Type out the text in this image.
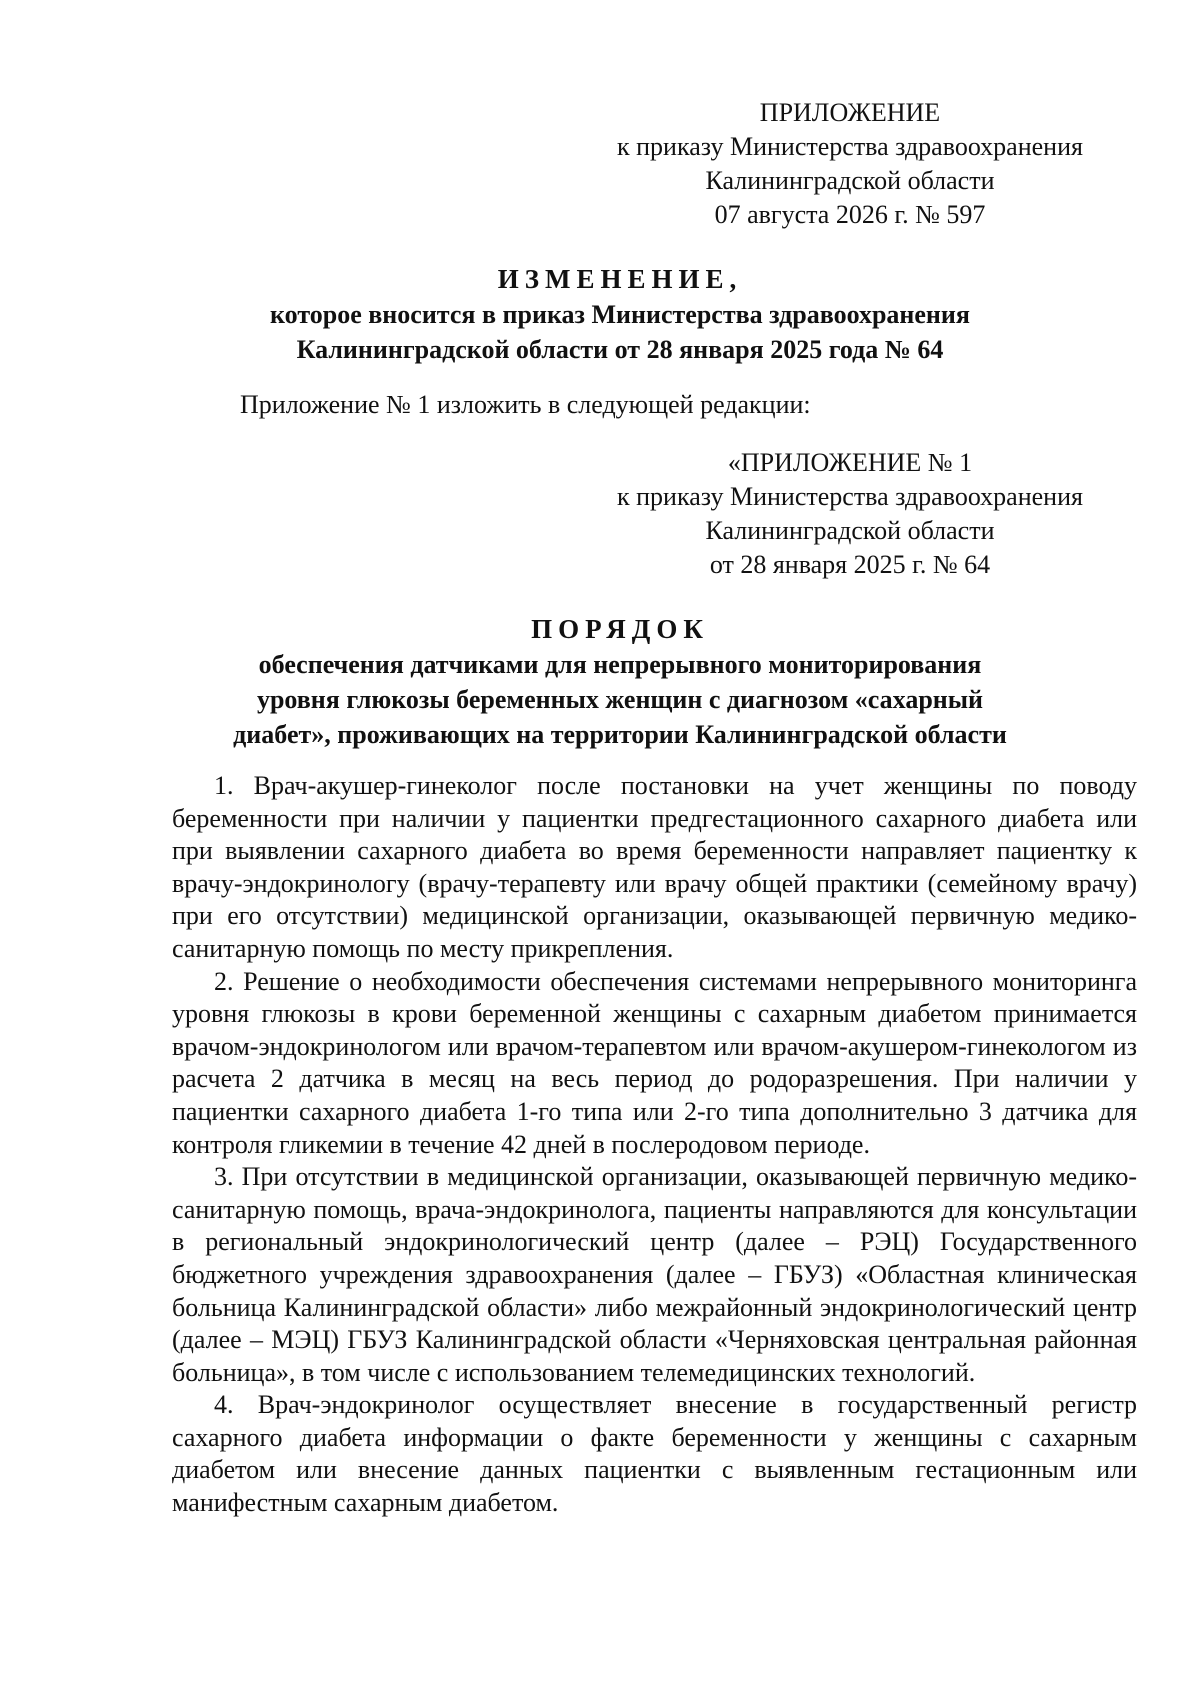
ПРИЛОЖЕНИЕ
к приказу Министерства здравоохранения
Калининградской области
07 августа 2026 г. № 597
ИЗМЕНЕНИЕ,
которое вносится в приказ Министерства здравоохранения
Калининградской области от 28 января 2025 года № 64
Приложение № 1 изложить в следующей редакции:
«ПРИЛОЖЕНИЕ № 1
к приказу Министерства здравоохранения
Калининградской области
от 28 января 2025 г. № 64
ПОРЯДОК
обеспечения датчиками для непрерывного мониторирования
уровня глюкозы беременных женщин с диагнозом «сахарный
диабет», проживающих на территории Калининградской области

1. Врач-акушер-гинеколог после постановки на учет женщины по поводу беременности при наличии у пациентки предгестационного сахарного диабета или при выявлении сахарного диабета во время беременности направляет пациентку к врачу-эндокринологу (врачу-терапевту или врачу общей практики (семейному врачу) при его отсутствии) медицинской организации, оказывающей первичную медико-санитарную помощь по месту прикрепления.

2. Решение о необходимости обеспечения системами непрерывного мониторинга уровня глюкозы в крови беременной женщины с сахарным диабетом принимается врачом-эндокринологом или врачом-терапевтом или врачом-акушером-гинекологом из расчета 2 датчика в месяц на весь период до родоразрешения. При наличии у пациентки сахарного диабета 1-го типа или 2-го типа дополнительно 3 датчика для контроля гликемии в течение 42 дней в послеродовом периоде.

3. При отсутствии в медицинской организации, оказывающей первичную медико-санитарную помощь, врача-эндокринолога, пациенты направляются для консультации в региональный эндокринологический центр (далее – РЭЦ) Государственного бюджетного учреждения здравоохранения (далее – ГБУЗ) «Областная клиническая больница Калининградской области» либо межрайонный эндокринологический центр (далее – МЭЦ) ГБУЗ Калининградской области «Черняховская центральная районная больница», в том числе с использованием телемедицинских технологий.

4. Врач-эндокринолог осуществляет внесение в государственный регистр сахарного диабета информации о факте беременности у женщины с сахарным диабетом или внесение данных пациентки с выявленным гестационным или манифестным сахарным диабетом.
